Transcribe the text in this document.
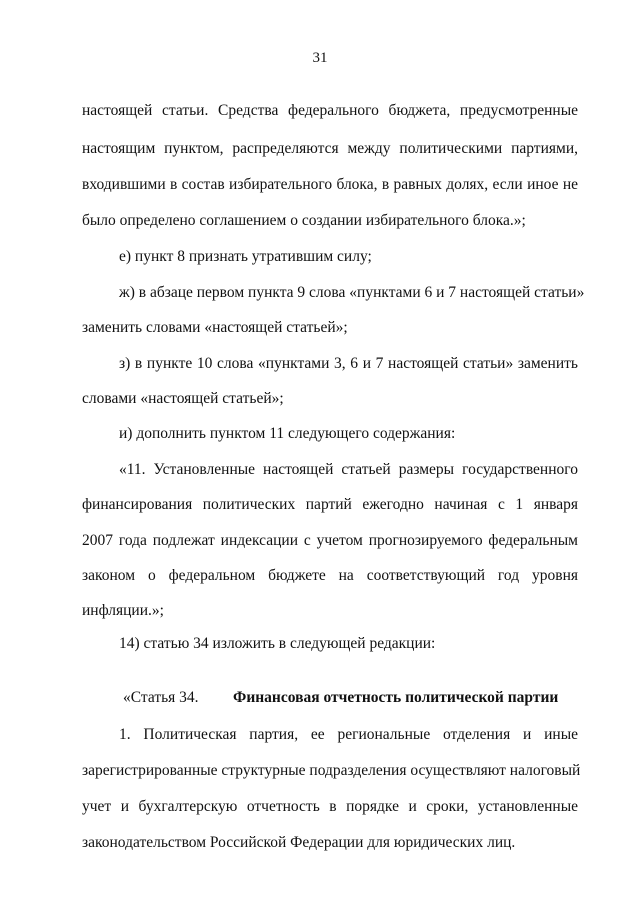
31
настоящей статьи. Средства федерального бюджета, предусмотренные
настоящим пунктом, распределяются между политическими партиями,
входившими в состав избирательного блока, в равных долях, если иное не
было определено соглашением о создании избирательного блока.»;
е) пункт 8 признать утратившим силу;
ж) в абзаце первом пункта 9 слова «пунктами 6 и 7 настоящей статьи»
заменить словами «настоящей статьей»;
з) в пункте 10 слова «пунктами 3, 6 и 7 настоящей статьи» заменить
словами «настоящей статьей»;
и) дополнить пунктом 11 следующего содержания:
«11. Установленные настоящей статьей размеры государственного
финансирования политических партий ежегодно начиная с 1 января
2007 года подлежат индексации с учетом прогнозируемого федеральным
законом о федеральном бюджете на соответствующий год уровня
инфляции.»;
14) статью 34 изложить в следующей редакции:
«Статья 34. Финансовая отчетность политической партии
1. Политическая партия, ее региональные отделения и иные
зарегистрированные структурные подразделения осуществляют налоговый
учет и бухгалтерскую отчетность в порядке и сроки, установленные
законодательством Российской Федерации для юридических лиц.
